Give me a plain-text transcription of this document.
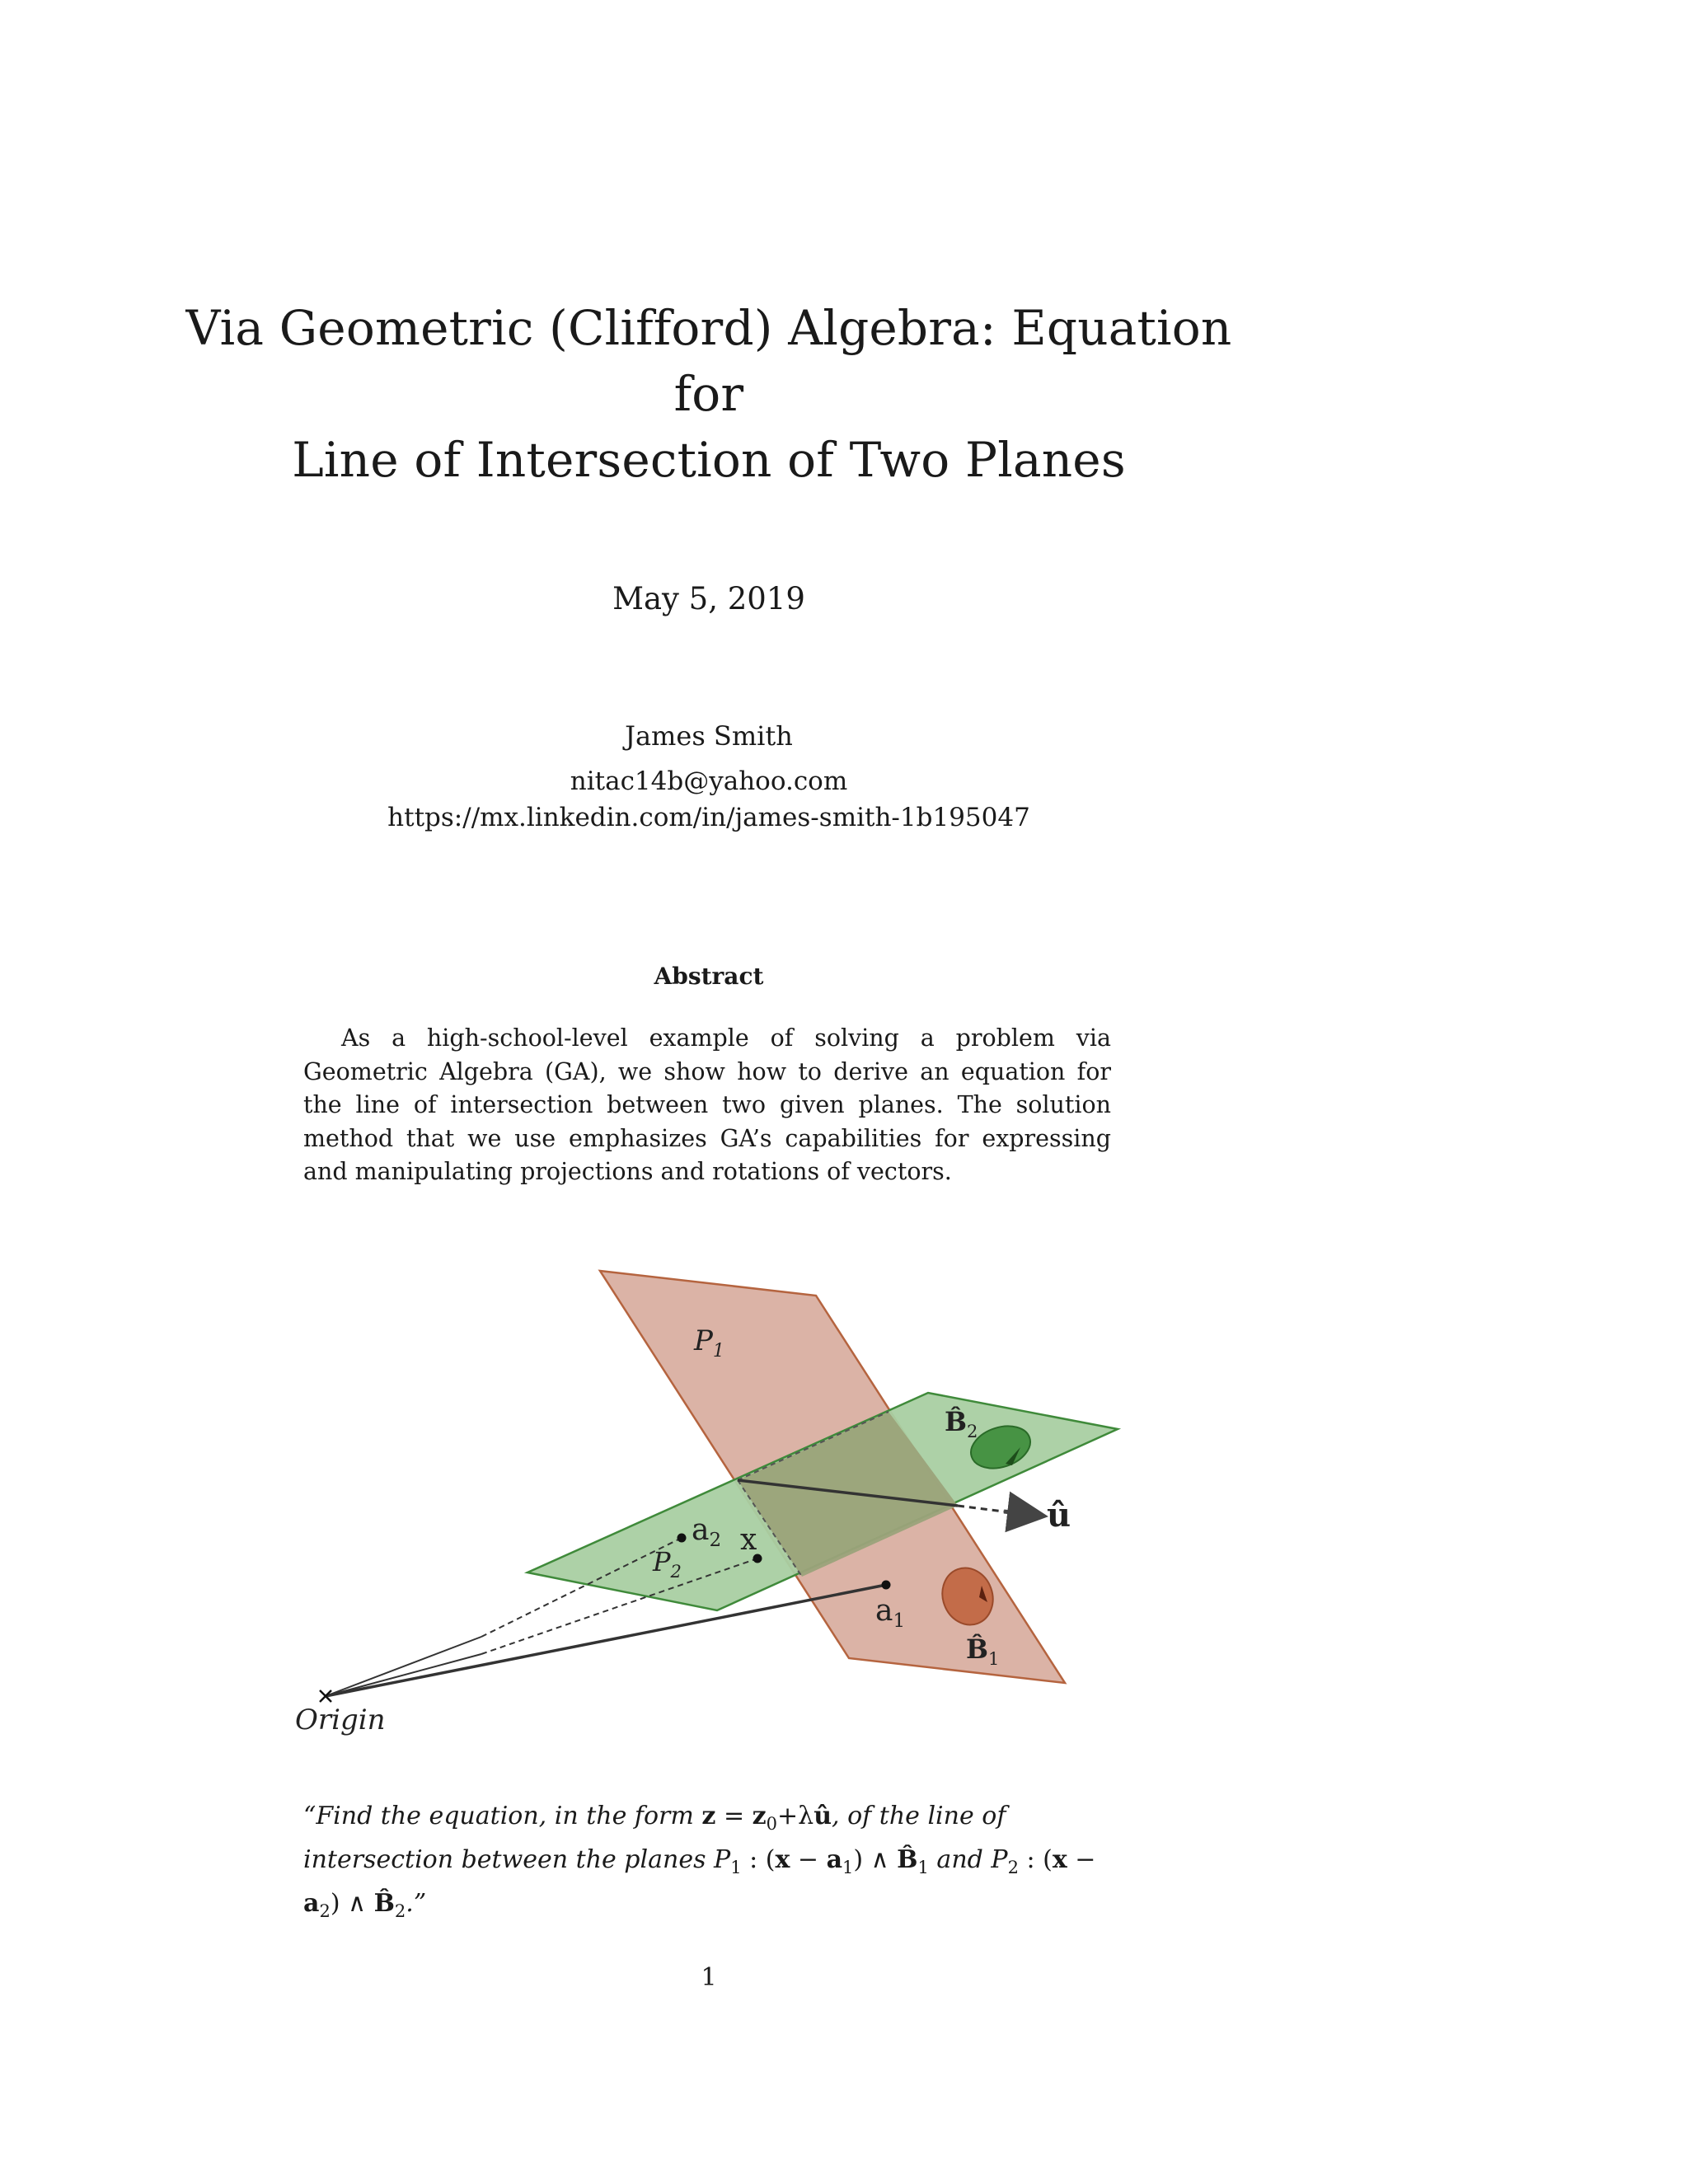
Via Geometric (Clifford) Algebra: Equation for
Line of Intersection of Two Planes
May 5, 2019
James Smith
nitac14b@yahoo.com
https://mx.linkedin.com/in/james-smith-1b195047
Abstract

As a high-school-level example of solving a problem via Geometric Algebra (GA), we show how to derive an equation for the line of intersection between two given planes. The solution method that we use emphasizes GA’s capabilities for expressing and manipulating projections and rotations of vectors.

$P_1$
$P_2$
$a_2$ x
$a_1$
$B̂_2$
$B̂_1$
û
Origin
“Find the equation, in the form $z = z_0+\lambda û$, of the line of intersection between the planes $P_1$ : $(x - a_1)$ ∧ $B̂_1$ and $P_2$ : $(x - a_2)$ ∧ $B̂_2$.”
1
